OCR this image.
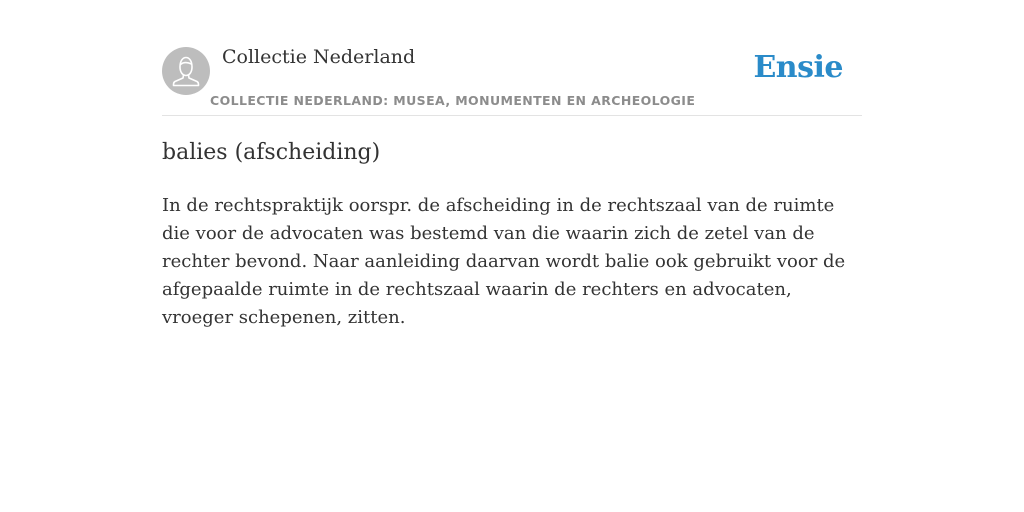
Collectie Nederland
COLLECTIE NEDERLAND: MUSEA, MONUMENTEN EN ARCHEOLOGIE
Ensie
balies (afscheiding)

In de rechtspraktijk oorspr. de afscheiding in de rechtszaal van de ruimte die voor de advocaten was bestemd van die waarin zich de zetel van de rechter bevond. Naar aanleiding daarvan wordt balie ook gebruikt voor de afgepaalde ruimte in de rechtszaal waarin de rechters en advocaten, vroeger schepenen, zitten.
